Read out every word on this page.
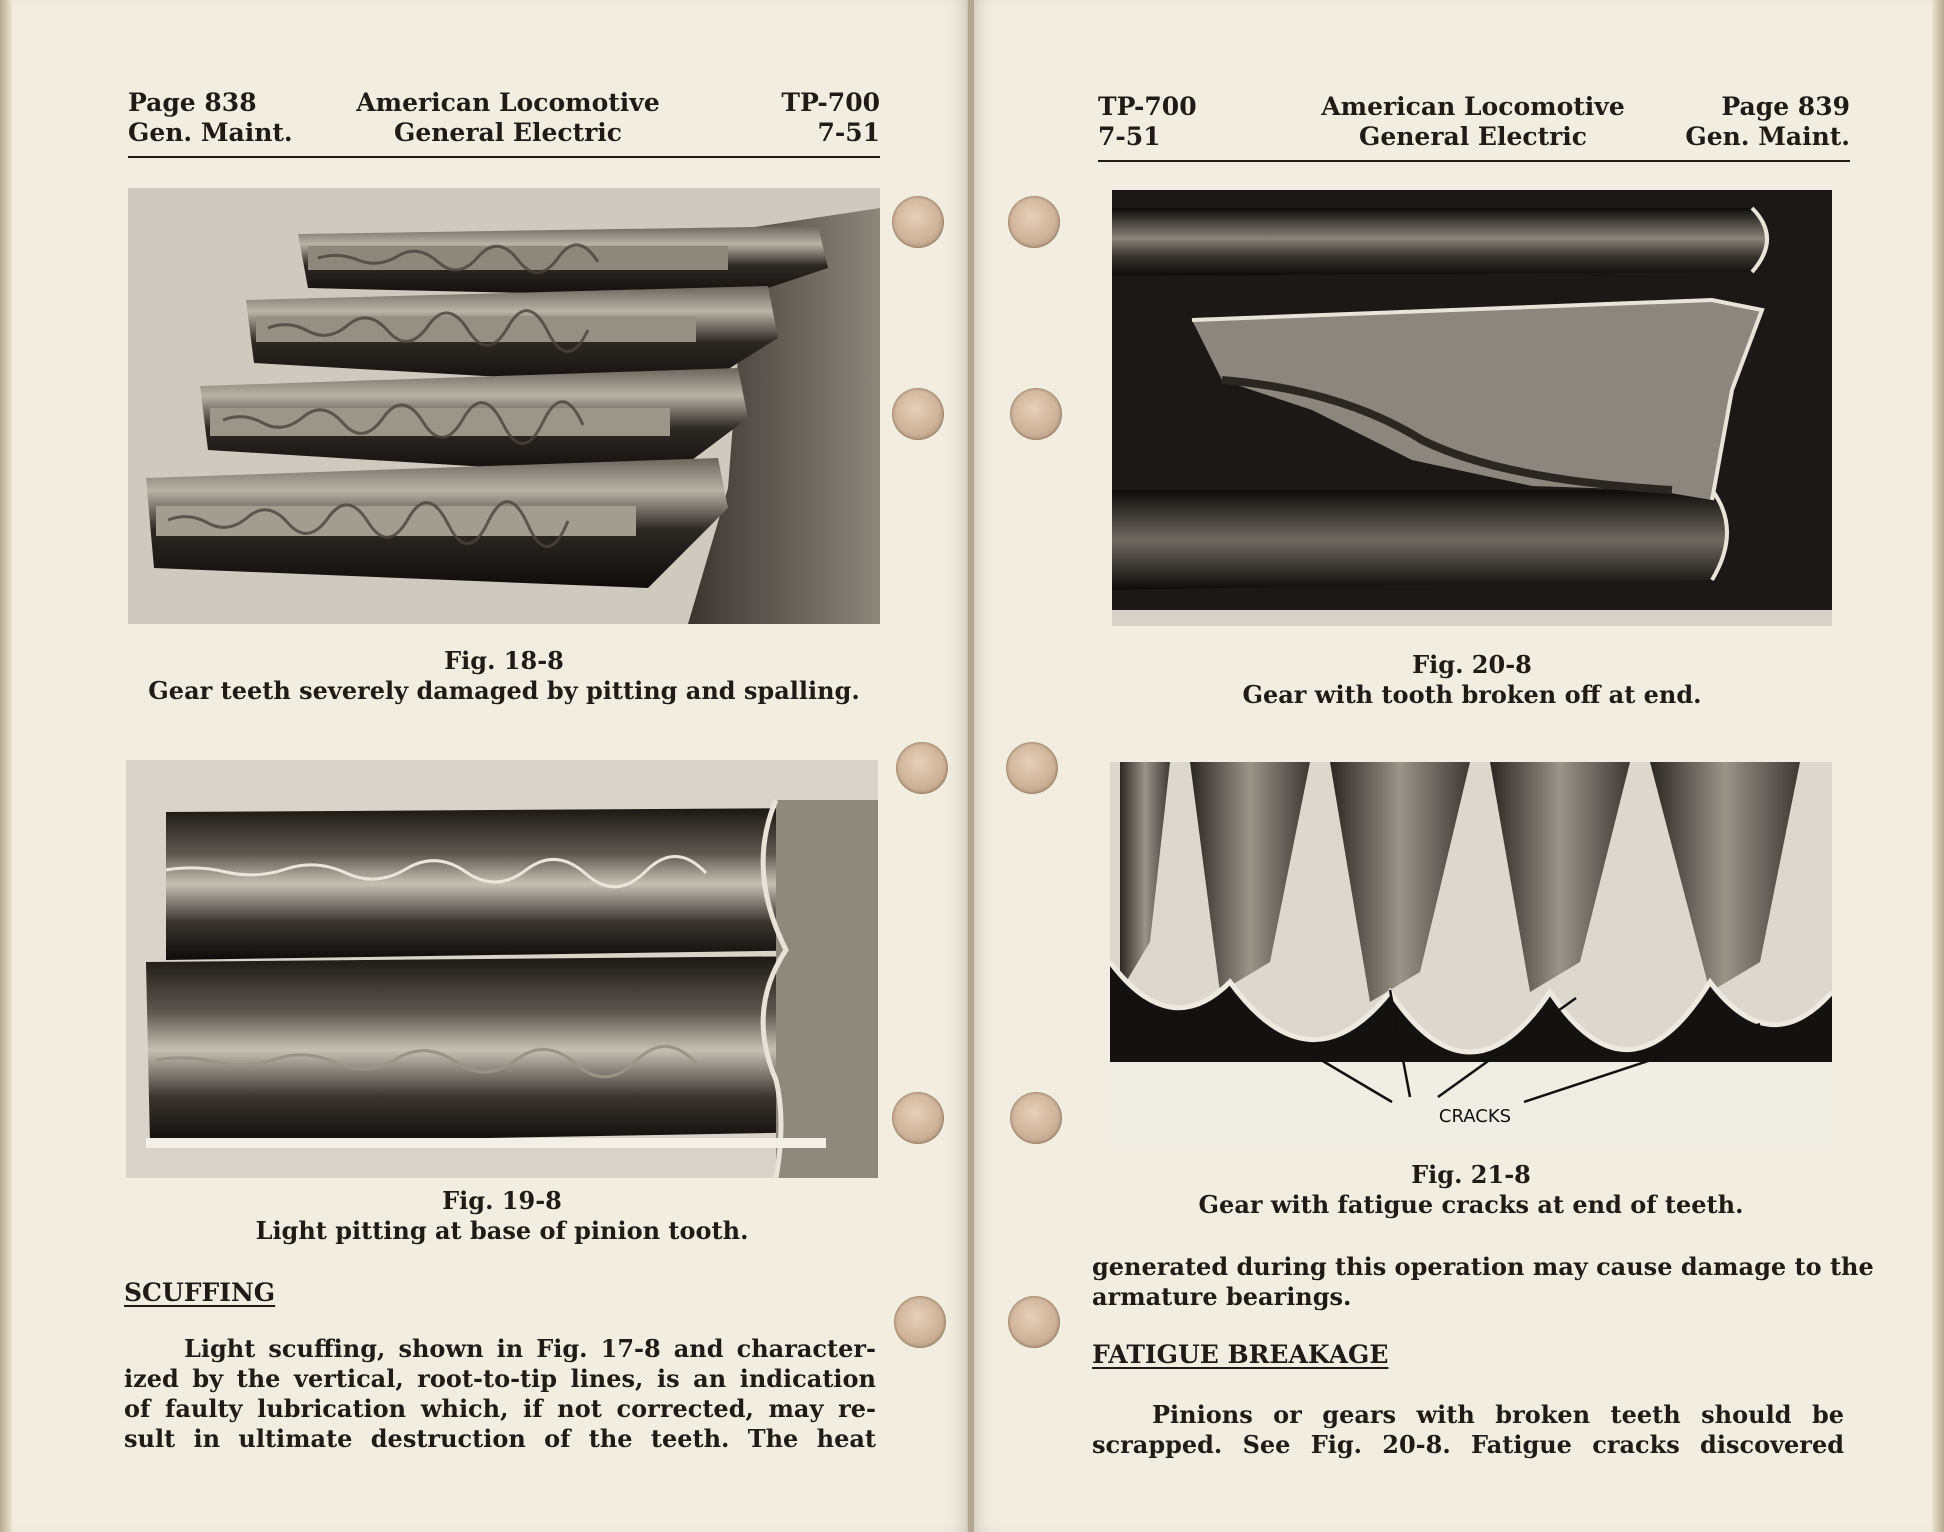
Page 838
Gen. Maint.
American Locomotive
General Electric
TP-700
7-51
Fig. 18-8
Gear teeth severely damaged by pitting and spalling.
Fig. 19-8
Light pitting at base of pinion tooth.
SCUFFING
Light scuffing, shown in Fig. 17-8 and character-
ized by the vertical, root-to-tip lines, is an indication
of faulty lubrication which, if not corrected, may re-
sult in ultimate destruction of the teeth. The heat
TP-700
7-51
American Locomotive
General Electric
Page 839
Gen. Maint.
Fig. 20-8
Gear with tooth broken off at end.
CRACKS
Fig. 21-8
Gear with fatigue cracks at end of teeth.
generated during this operation may cause damage to the
armature bearings.
FATIGUE BREAKAGE
Pinions or gears with broken teeth should be
scrapped. See Fig. 20-8. Fatigue cracks discovered
